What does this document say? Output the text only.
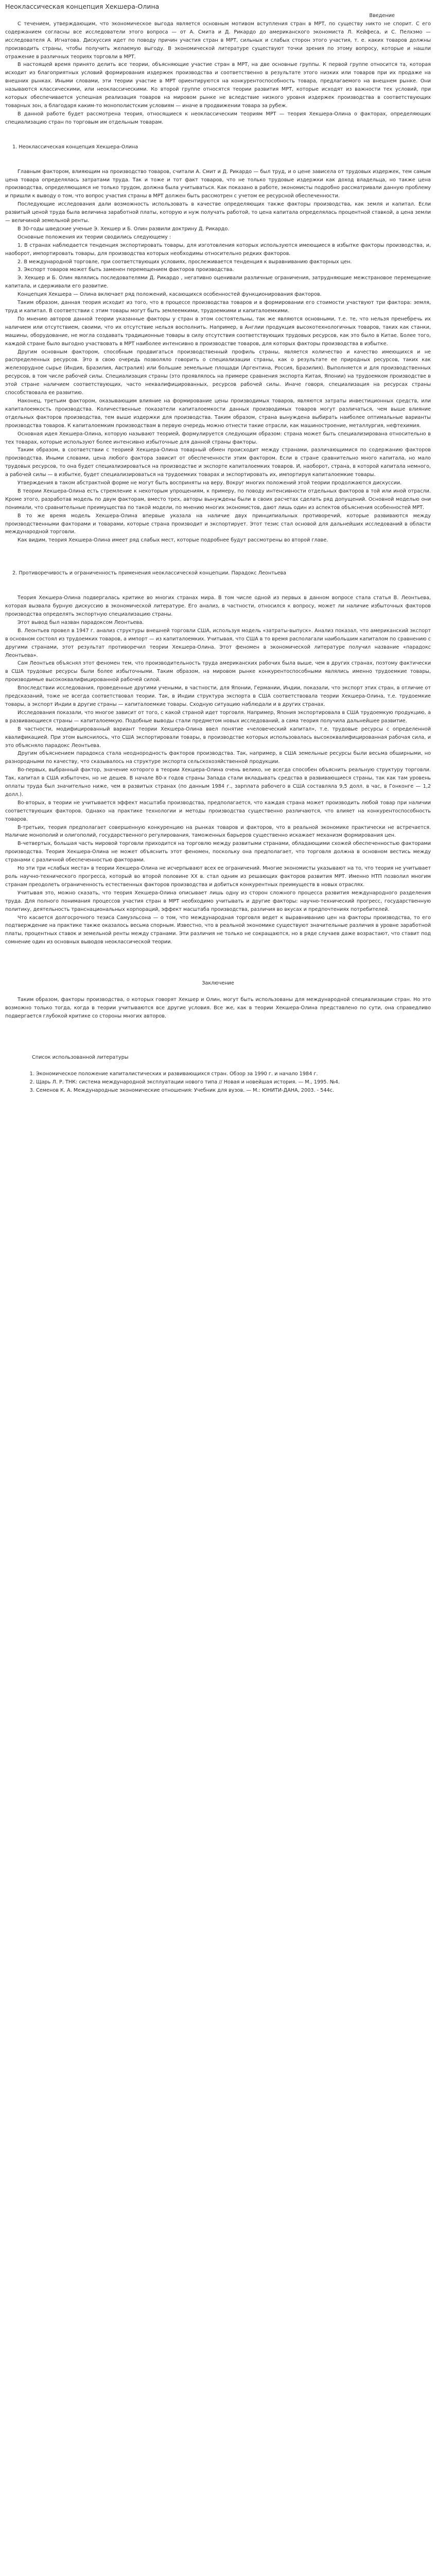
Неоклассическая концепция Хекшера-Олина

Введение

С течением, утверждающим, что экономическое выгода является основным мотивом вступления стран в МРТ, по существу никто не спорит. С его содержанием согласны все исследователи этого вопроса — от А. Смита и Д. Рикардо до американского экономиста Л. Кейфеса, и С. Пелхэмо — исследователя А. Игнатова. Дискуссия идет по поводу причин участия стран в МРТ, сильных и слабых сторон этого участия, т. е. каких товаров должны производить страны, чтобы получить желаемую выгоду. В экономической литературе существуют точки зрения по этому вопросу, которые и нашли отражение в различных теориях торговли в МРТ.

В настоящей время принято делить все теории, объясняющие участие стран в МРТ, на две основные группы. К первой группе относится та, которая исходит из благоприятных условий формирования издержек производства и соответственно в результате этого низких или товаров при их продаже на внешних рынках. Иными словами, эти теории участие в МРТ ориентируются на конкурентоспособность товара, предлагаемого на внешнем рынке. Они называются классическими, или неоклассическими. Ко второй группе относятся теории развития МРТ, которые исходят из важности тех условий, при которых обеспечивается успешная реализация товаров на мировом рынке не вследствие низкого уровня издержек производства в соответствующих товарных зон, а благодаря каким-то монополистским условиям — иначе в продвижении товара за рубеж.

В данной работе будет рассмотрена теория, относящиеся к неоклассическим теориям МРТ — теория Хекшера-Олина о факторах, определяющих специализацию стран по торговым им отдельным товарам.

1. Неоклассическая концепция Хекшера-Олина

Главным фактором, влияющим на производство товаров, считали А. Смит и Д. Рикардо — был труд, и о цене зависела от трудовых издержек, тем самым цена товара определялась затратами труда. Так и тоже и тот факт товаров, что не только трудовые издержки как доход владельца, но также цена производства, определяющаяся не только трудом, должна была учитываться. Как показано в работе, экономисты подробно рассматривали данную проблему и пришли к выводу о том, что вопрос участия страны в МРТ должен быть рассмотрен с учетом ее ресурсной обеспеченности.

Последующие исследования дали возможность использовать в качестве определяющих также факторы производства, как земля и капитал. Если развитый ценой труда была величина заработной платы, которую и нуж получать работой, то цена капитала определялась процентной ставкой, а цена земли — величиной земельной ренты.

В 30-годы шведские ученые Э. Хекшер и Б. Олин развили доктрину Д. Рикардо.

Основные положения их теории сводились следующему :

1. В странах наблюдается тенденция экспортировать товары, для изготовления которых используются имеющиеся в избытке факторы производства, и, наоборот, импортировать товары, для производства которых необходимы относительно редких факторов.

2. В международной торговле, при соответствующих условиях, прослеживается тенденция к выравниванию факторных цен.

3. Экспорт товаров может быть заменен перемещением факторов производства.

Э. Хекшер и Б. Олин являлись последователями Д. Рикардо , негативно оценивали различные ограничения, затрудняющие межстрановое перемещение капитала, и сдерживали его развитие.

Концепция Хекшера — Олина включает ряд положений, касающихся особенностей функционирования факторов.

Таким образом, данная теория исходит из того, что в процессе производства товаров и в формировании его стоимости участвуют три фактора: земля, труд и капитал. В соответствии с этим товары могут быть землеемкими, трудоемкими и капиталоемкими.

По мнению авторов данной теории указанные факторы у стран в этом состоятельны, так же являются основными, т.е. те, что нельзя пренебречь их наличием или отсутствием, своими, что их отсутствие нельзя восполнить. Например, в Англии продукция высокотехнологичных товаров, таких как станки, машины, оборудование, не могла создавать традиционные товары в силу отсутствия соответствующих трудовых ресурсов, как это было в Китае. Более того, каждой стране было выгодно участвовать в МРТ наиболее интенсивно в производстве товаров, для которых факторы производства в избытке.

Другим основным фактором, способным продвигаться производственный профиль страны, является количество и качество имеющихся и не распределенных ресурсов. Это в свою очередь позволяло говорить о специализации страны, как о результате ее природных ресурсов, таких как железорудное сырье (Индия, Бразилия, Австралия) или большие земельные площади (Аргентина, Россия, Бразилия). Выполняется и для производственных ресурсов, в том числе рабочей силы. Специализация страны (это проявлялось на примере сравнения экспорта Китая, Японии) на трудоемком производстве в этой стране наличием соответствующих, часто неквалифицированных, ресурсов рабочей силы. Иначе говоря, специализация на ресурсах страны способствовала ее развитию.

Наконец, третьим фактором, оказывающим влияние на формирование цены производимых товаров, являются затраты инвестиционных средств, или капиталоемкость производства. Количественные показатели капиталоемкости данных производимых товаров могут различаться, чем выше влияние отдельных факторов производства, тем выше издержки для производства. Таким образом, страна вынуждена выбирать наиболее оптимальные варианты производства товаров. К капиталоемким производствам в первую очередь можно отнести такие отрасли, как машиностроение, металлургия, нефтехимия.

Основная идея Хекшера-Олина, которую называют теорией, формулируется следующим образом: страна может быть специализирована относительно в тех товарах, которые используют более интенсивно избыточные для данной страны факторы.

Таким образом, в соответствии с теорией Хекшера-Олина товарный обмен происходит между странами, различающимися по содержанию факторов производства. Иными словами, цена любого фактора зависит от обеспеченности этим фактором. Если в стране сравнительно много капитала, но мало трудовых ресурсов, то она будет специализироваться на производстве и экспорте капиталоемких товаров. И, наоборот, страна, в которой капитала немного, а рабочей силы — в избытке, будет специализироваться на трудоемких товарах и экспортировать их, импортируя капиталоемкие товары.

Утверждения в таком абстрактной форме не могут быть восприняты на веру. Вокруг многих положений этой теории продолжаются дискуссии.

В теории Хекшера-Олина есть стремление к некоторым упрощениям, к примеру, по поводу интенсивности отдельных факторов в той или иной отрасли. Кроме этого, разработав модель по двум факторам, вместо трех, авторы вынуждены были в своих расчетах сделать ряд допущений. Основной моделью они понимали, что сравнительные преимущества по такой модели, по мнению многих экономистов, дают лишь один из аспектов объяснения особенностей МРТ.

В то же время модель Хекшера-Олина впервые указала на наличие двух принципиальных противоречий, которые развиваются между производственными факторами и товарами, которые страна производит и экспортирует. Этот тезис стал основой для дальнейших исследований в области международной торговли.

Как видим, теория Хекшера-Олина имеет ряд слабых мест, которые подробнее будут рассмотрены во второй главе.

2. Противоречивость и ограниченность применения неоклассической концепции. Парадокс Леонтьева

Теория Хекшера-Олина подвергалась критике во многих странах мира. В том числе одной из первых в данном вопросе стала статья В. Леонтьева, которая вызвала бурную дискуссию в экономической литературе. Его анализ, в частности, относился к вопросу, может ли наличие избыточных факторов производства определять экспортную специализацию страны.

Этот вывод был назван парадоксом Леонтьева.

В. Леонтьев провел в 1947 г. анализ структуры внешней торговли США, используя модель «затраты-выпуск». Анализ показал, что американский экспорт в основном состоял из трудоемких товаров, а импорт — из капиталоемких. Учитывая, что США в то время располагали наибольшим капиталом по сравнению с другими странами, этот результат противоречил теории Хекшера-Олина. Этот феномен в экономической литературе получил название «парадокс Леонтьева».

Сам Леонтьев объяснял этот феномен тем, что производительность труда американских рабочих была выше, чем в других странах, поэтому фактически в США трудовые ресурсы были более избыточными. Таким образом, на мировом рынке конкурентоспособными являлись именно трудоемкие товары, производимые высококвалифицированной рабочей силой.

Впоследствии исследования, проведенные другими учеными, в частности, для Японии, Германии, Индии, показали, что экспорт этих стран, в отличие от предсказаний, тоже не всегда соответствовал теории. Так, в Индии структура экспорта в США соответствовала теории Хекшера-Олина, т.е. трудоемкие товары, а экспорт Индии в другие страны — капиталоемкие товары. Сходную ситуацию наблюдали и в других странах.

Исследования показали, что многое зависит от того, с какой страной идет торговля. Например, Япония экспортировала в США трудоемкую продукцию, а в развивающиеся страны — капиталоемкую. Подобные выводы стали предметом новых исследований, а сама теория получила дальнейшее развитие.

В частности, модифицированный вариант теории Хекшера-Олина ввел понятие «человеческий капитал», т.е. трудовые ресурсы с определенной квалификацией. При этом выяснилось, что США экспортировали товары, в производстве которых использовалась высококвалифицированная рабочая сила, и это объясняло парадокс Леонтьева.

Другим объяснением парадокса стала неоднородность факторов производства. Так, например, в США земельные ресурсы были весьма обширными, но разнородными по качеству, что сказывалось на структуре экспорта сельскохозяйственной продукции.

Во-первых, выбранный фактор, значение которого в теории Хекшера-Олина очень велико, не всегда способен объяснить реальную структуру торговли. Так, капитал в США избыточен, но не дешев. В начале 80-х годов страны Запада стали вкладывать средства в развивающиеся страны, так как там уровень оплаты труда был значительно ниже, чем в развитых странах (по данным 1984 г., зарплата рабочего в США составляла 9,5 долл. в час, в Гонконге — 1,2 долл.).

Во-вторых, в теории не учитывается эффект масштаба производства, предполагается, что каждая страна может производить любой товар при наличии соответствующих факторов. Однако на практике технологии и методы производства существенно различаются, что влияет на конкурентоспособность товаров.

В-третьих, теория предполагает совершенную конкуренцию на рынках товаров и факторов, что в реальной экономике практически не встречается. Наличие монополий и олигополий, государственного регулирования, таможенных барьеров существенно искажает механизм формирования цен.

В-четвертых, большая часть мировой торговли приходится на торговлю между развитыми странами, обладающими схожей обеспеченностью факторами производства. Теория Хекшера-Олина не может объяснить этот феномен, поскольку она предполагает, что торговля должна в основном вестись между странами с различной обеспеченностью факторами.

Но эти три «слабых места» в теории Хекшера-Олина не исчерпывают всех ее ограничений. Многие экономисты указывают на то, что теория не учитывает роль научно-технического прогресса, который во второй половине XX в. стал одним из решающих факторов развития МРТ. Именно НТП позволил многим странам преодолеть ограниченность естественных факторов производства и добиться конкурентных преимуществ в новых отраслях.

Учитывая это, можно сказать, что теория Хекшера-Олина описывает лишь одну из сторон сложного процесса развития международного разделения труда. Для полного понимания процессов участия стран в МРТ необходимо учитывать и другие факторы: научно-технический прогресс, государственную политику, деятельность транснациональных корпораций, эффект масштаба производства, различия во вкусах и предпочтениях потребителей.

Что касается долгосрочного тезиса Самуэльсона — о том, что международная торговля ведет к выравниванию цен на факторы производства, то его подтверждение на практике также оказалось весьма спорным. Известно, что в реальной экономике существуют значительные различия в уровне заработной платы, процентных ставок и земельной ренты между странами. Эти различия не только не сокращаются, но в ряде случаев даже возрастают, что ставит под сомнение один из основных выводов неоклассической теории.

Заключение

Таким образом, факторы производства, о которых говорят Хекшер и Олин, могут быть использованы для международной специализации стран. Но это возможно только тогда, когда в теории учитываются все другие условия. Все же, как в теории Хекшера-Олина представлено по сути, она справедливо подвергается глубокой критике со стороны многих авторов.

Список использованной литературы

1. Экономическое положение капиталистических и развивающихся стран. Обзор за 1990 г. и начало 1984 г.
2. Щарь Л. Р. ТНК: система международной эксплуатации нового типа // Новая и новейшая история. — М., 1995. №4.
3. Семенов К. А. Международные экономические отношения: Учебник для вузов. — М.: ЮНИТИ-ДАНА, 2003. - 544с.
